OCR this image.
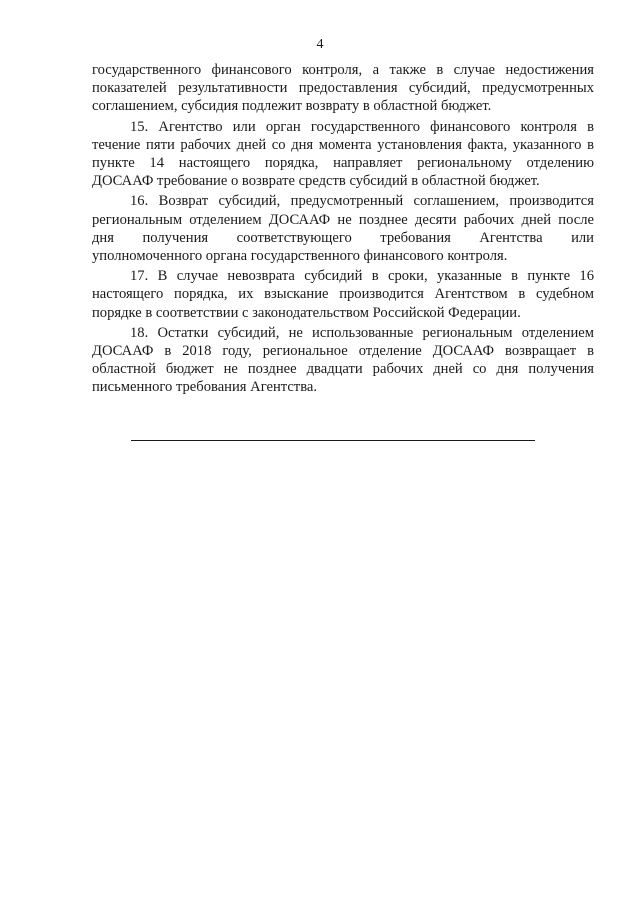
4
государственного финансового контроля, а также в случае недостижения
показателей результативности предоставления субсидий, предусмотренных
соглашением, субсидия подлежит возврату в областной бюджет.
15. Агентство или орган государственного финансового контроля в
течение пяти рабочих дней со дня момента установления факта, указанного в
пункте 14 настоящего порядка, направляет региональному отделению
ДОСААФ требование о возврате средств субсидий в областной бюджет.
16. Возврат субсидий, предусмотренный соглашением, производится
региональным отделением ДОСААФ не позднее десяти рабочих дней после
дня получения соответствующего требования Агентства или
уполномоченного органа государственного финансового контроля.
17. В случае невозврата субсидий в сроки, указанные в пункте 16
настоящего порядка, их взыскание производится Агентством в судебном
порядке в соответствии с законодательством Российской Федерации.
18. Остатки субсидий, не использованные региональным отделением
ДОСААФ в 2018 году, региональное отделение ДОСААФ возвращает в
областной бюджет не позднее двадцати рабочих дней со дня получения
письменного требования Агентства.
